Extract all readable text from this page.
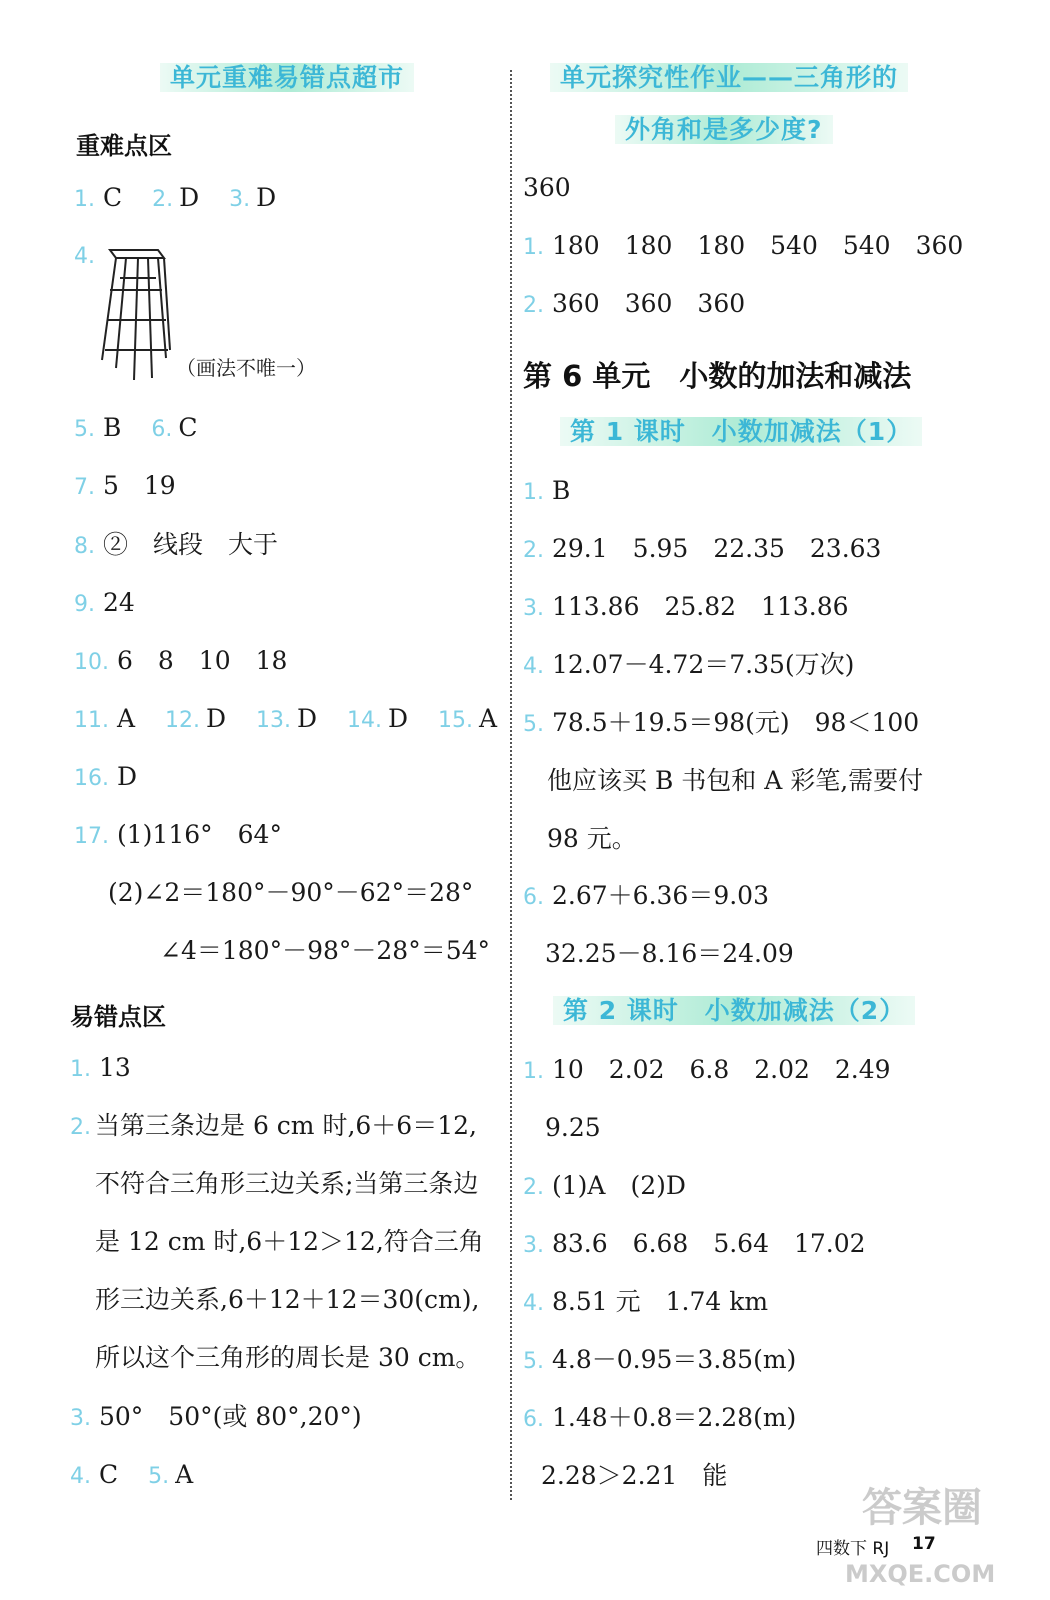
单元重难易错点超市
重难点区
1. C 2. D 3. D
4.
（画法不唯一）
5. B 6. C
7. 5　19
8. ②　线段　大于
9. 24
10. 6　8　10　18
11. A 12. D 13. D 14. D 15. A
16. D
17. (1)116°　64°
(2)∠2＝180°－90°－62°＝28°
∠4＝180°－98°－28°＝54°
易错点区
1. 13
2. 当第三条边是 6 cm 时,6＋6＝12,不符合三角形三边关系;当第三条边是 12 cm 时,6＋12＞12,符合三角形三边关系,6＋12＋12＝30(cm),所以这个三角形的周长是 30 cm。
3. 50°　50°(或 80°,20°)
4. C 5. A
单元探究性作业——三角形的
外角和是多少度?
360
1. 180　180　180　540　540　360
2. 360　360　360
第 6 单元　小数的加法和减法
第 1 课时　小数加减法（1）
1. B
2. 29.1　5.95　22.35　23.63
3. 113.86　25.82　113.86
4. 12.07－4.72＝7.35(万次)
5. 78.5＋19.5＝98(元)　98＜100
他应该买 B 书包和 A 彩笔,需要付 98 元。
6. 2.67＋6.36＝9.03
32.25－8.16＝24.09
第 2 课时　小数加减法（2）
1. 10　2.02　6.8　2.02　2.49
9.25
2. (1)A　(2)D
3. 83.6　6.68　5.64　17.02
4. 8.51 元　1.74 km
5. 4.8－0.95＝3.85(m)
6. 1.48＋0.8＝2.28(m)
2.28＞2.21　能
四数下 RJ 17
答案圈
MXQE.COM
